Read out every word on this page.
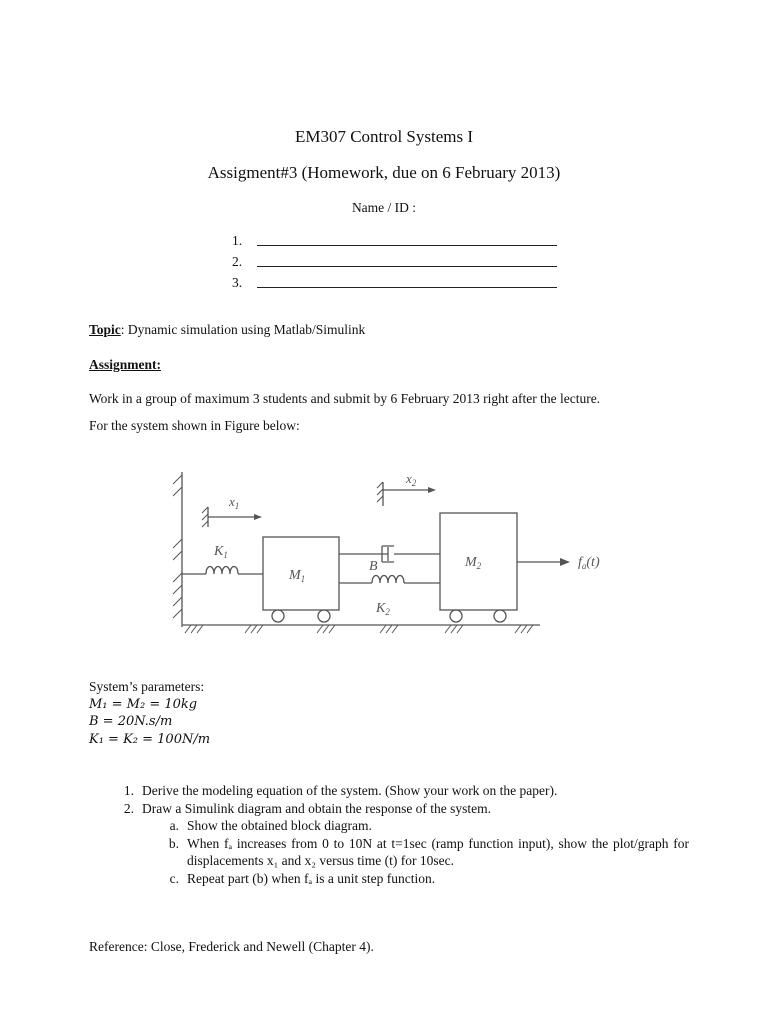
EM307 Control Systems I
Assigment#3 (Homework, due on 6 February 2013)
Name / ID :
1.
2.
3.
Topic: Dynamic simulation using Matlab/Simulink
Assignment:
Work in a group of maximum 3 students and submit by 6 February 2013 right after the lecture.
For the system shown in Figure below:
$x_1$
$x_2$
$K_1$
$M_1$
B
$K_2$
$M_2$	$f_a(t)$
System’s parameters:
M₁ = M₂ = 10kg
B = 20N.s/m
K₁ = K₂ = 100N/m
1. Derive the modeling equation of the system. (Show your work on the paper).
2. Draw a Simulink diagram and obtain the response of the system.
a. Show the obtained block diagram.
b. When fₐ increases from 0 to 10N at t=1sec (ramp function input), show the plot/graph for displacements x₁ and x₂ versus time (t) for 10sec.
c. Repeat part (b) when fₐ is a unit step function.
Reference: Close, Frederick and Newell (Chapter 4).
